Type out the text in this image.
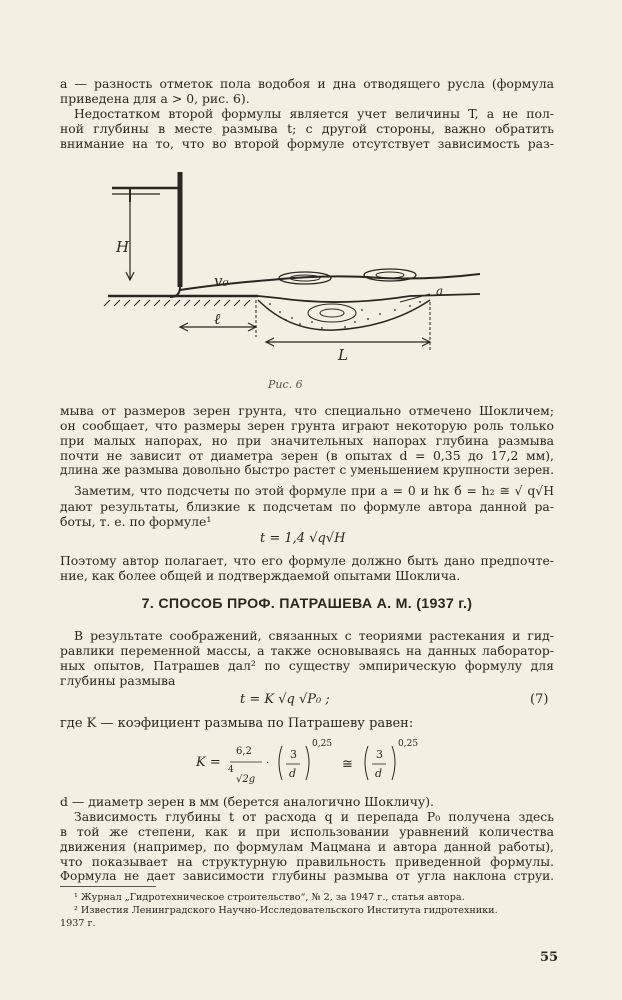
a — разность отметок пола водобоя и дна отводящего русла (формула
приведена для a > 0, рис. 6).
Недостатком второй формулы является учет величины T, а не пол-
ной глубины в месте размыва t; с другой стороны, важно обратить
внимание на то, что во второй формуле отсутствует зависимость раз-
H
v₀
a
ℓ
L
Рис. 6
мыва от размеров зерен грунта, что специально отмечено Шокличем;
он сообщает, что размеры зерен грунта играют некоторую роль только
при малых напорах, но при значительных напорах глубина размыва
почти не зависит от диаметра зерен (в опытах d = 0,35 до 17,2 мм),
длина же размыва довольно быстро растет с уменьшением крупности зерен.
Заметим, что подсчеты по этой формуле при a = 0 и hк б = h₂ ≅ √ q√H
дают результаты, близкие к подсчетам по формуле автора данной ра-
боты, т. е. по формуле¹
t = 1,4 √q√H
Поэтому автор полагает, что его формуле должно быть дано предпочте-
ние, как более общей и подтверждаемой опытами Шоклича.
7. СПОСОБ ПРОФ. ПАТРАШЕВА А. М. (1937 г.)
В результате соображений, связанных с теориями растекания и гид-
равлики переменной массы, а также основываясь на данных лаборатор-
ных опытов, Патрашев дал² по существу эмпирическую формулу для
глубины размыва
t = K √q √P₀ ;	(7)
где K — коэфициент размыва по Патрашеву равен:
K =
6,2
4
√2g
·
3
d
0,25
≅
3
d
0,25
d — диаметр зерен в мм (берется аналогично Шокличу).
Зависимость глубины t от расхода q и перепада P₀ получена здесь
в той же степени, как и при использовании уравнений количества
движения (например, по формулам Мацмана и автора данной работы),
что показывает на структурную правильность приведенной формулы.
Формула не дает зависимости глубины размыва от угла наклона струи.
¹ Журнал „Гидротехническое строительство“, № 2, за 1947 г., статья автора.
² Известия Ленинградского Научно-Исследовательского Института гидротехники.
1937 г.
55
